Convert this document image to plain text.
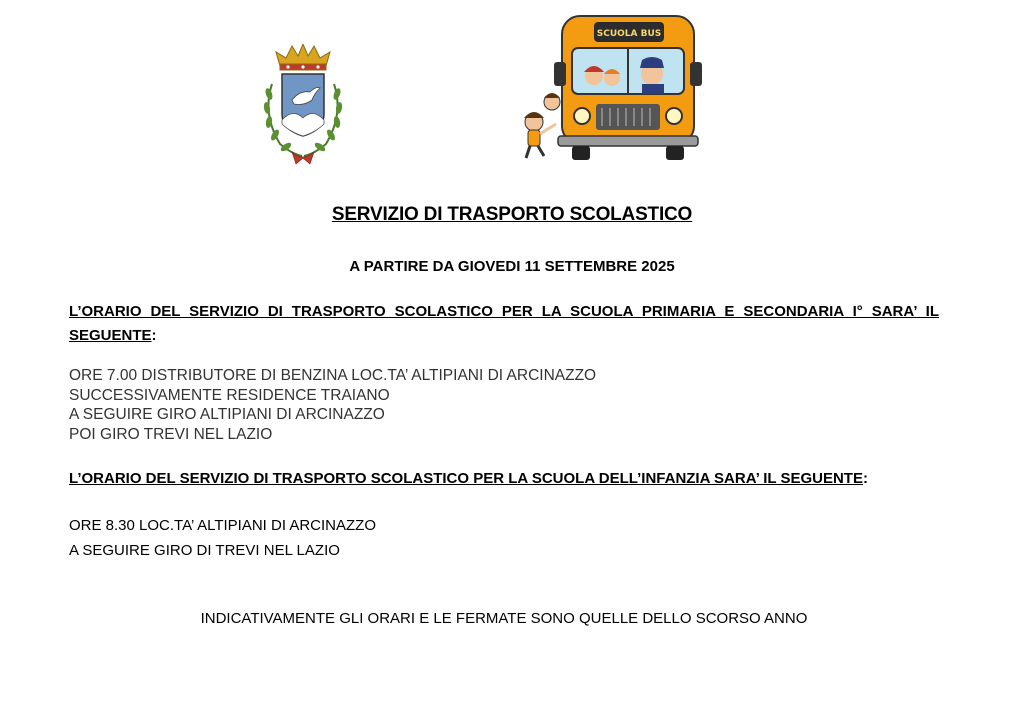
SCUOLA BUS
SERVIZIO DI TRASPORTO SCOLASTICO
A PARTIRE DA GIOVEDI 11 SETTEMBRE 2025
L’ORARIO DEL SERVIZIO DI TRASPORTO SCOLASTICO PER LA SCUOLA PRIMARIA E SECONDARIA I° SARA’ IL SEGUENTE:
ORE 7.00 DISTRIBUTORE DI BENZINA LOC.TA’ ALTIPIANI DI ARCINAZZO
SUCCESSIVAMENTE RESIDENCE TRAIANO
A SEGUIRE GIRO ALTIPIANI DI ARCINAZZO
POI GIRO TREVI NEL LAZIO
L’ORARIO DEL SERVIZIO DI TRASPORTO SCOLASTICO PER LA SCUOLA DELL’INFANZIA SARA’ IL SEGUENTE:
ORE 8.30 LOC.TA’ ALTIPIANI DI ARCINAZZO
A SEGUIRE GIRO DI TREVI NEL LAZIO
INDICATIVAMENTE GLI ORARI E LE FERMATE SONO QUELLE DELLO SCORSO ANNO
